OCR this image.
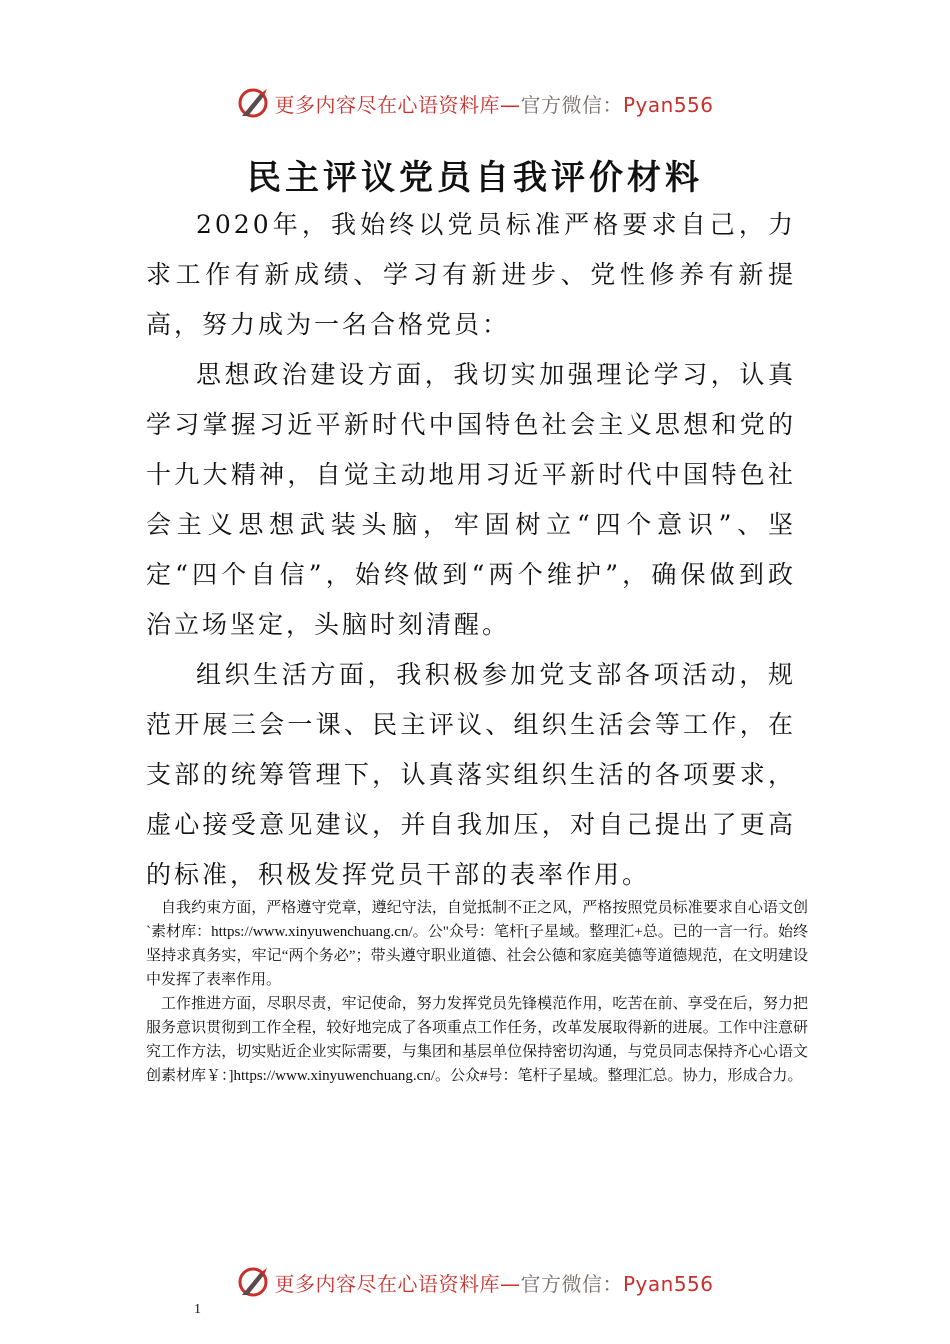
更多内容尽在心语资料库—官方微信：Pyan556
民主评议党员自我评价材料

2020年，我始终以党员标准严格要求自己，力求工作有新成绩、学习有新进步、党性修养有新提高，努力成为一名合格党员：

思想政治建设方面，我切实加强理论学习，认真学习掌握习近平新时代中国特色社会主义思想和党的十九大精神，自觉主动地用习近平新时代中国特色社会主义思想武装头脑，牢固树立“四个意识”、坚定“四个自信”，始终做到“两个维护”，确保做到政治立场坚定，头脑时刻清醒。

组织生活方面，我积极参加党支部各项活动，规范开展三会一课、民主评议、组织生活会等工作，在支部的统筹管理下，认真落实组织生活的各项要求，虚心接受意见建议，并自我加压，对自己提出了更高的标准，积极发挥党员干部的表率作用。

自我约束方面，严格遵守党章，遵纪守法，自觉抵制不正之风，严格按照党员标准要求自心语文创`素材库：https://www.xinyuwenchuang.cn/。公"众号：笔杆[子星域。整理汇+总。已的一言一行。始终坚持求真务实，牢记“两个务必”；带头遵守职业道德、社会公德和家庭美德等道德规范，在文明建设中发挥了表率作用。

工作推进方面，尽职尽责，牢记使命，努力发挥党员先锋模范作用，吃苦在前、享受在后，努力把服务意识贯彻到工作全程，较好地完成了各项重点工作任务，改革发展取得新的进展。工作中注意研究工作方法，切实贴近企业实际需要，与集团和基层单位保持密切沟通，与党员同志保持齐心心语文创素材库￥：]https://www.xinyuwenchuang.cn/。公众#号：笔杆子星域。整理汇总。协力，形成合力。

更多内容尽在心语资料库—官方微信：Pyan556
1
